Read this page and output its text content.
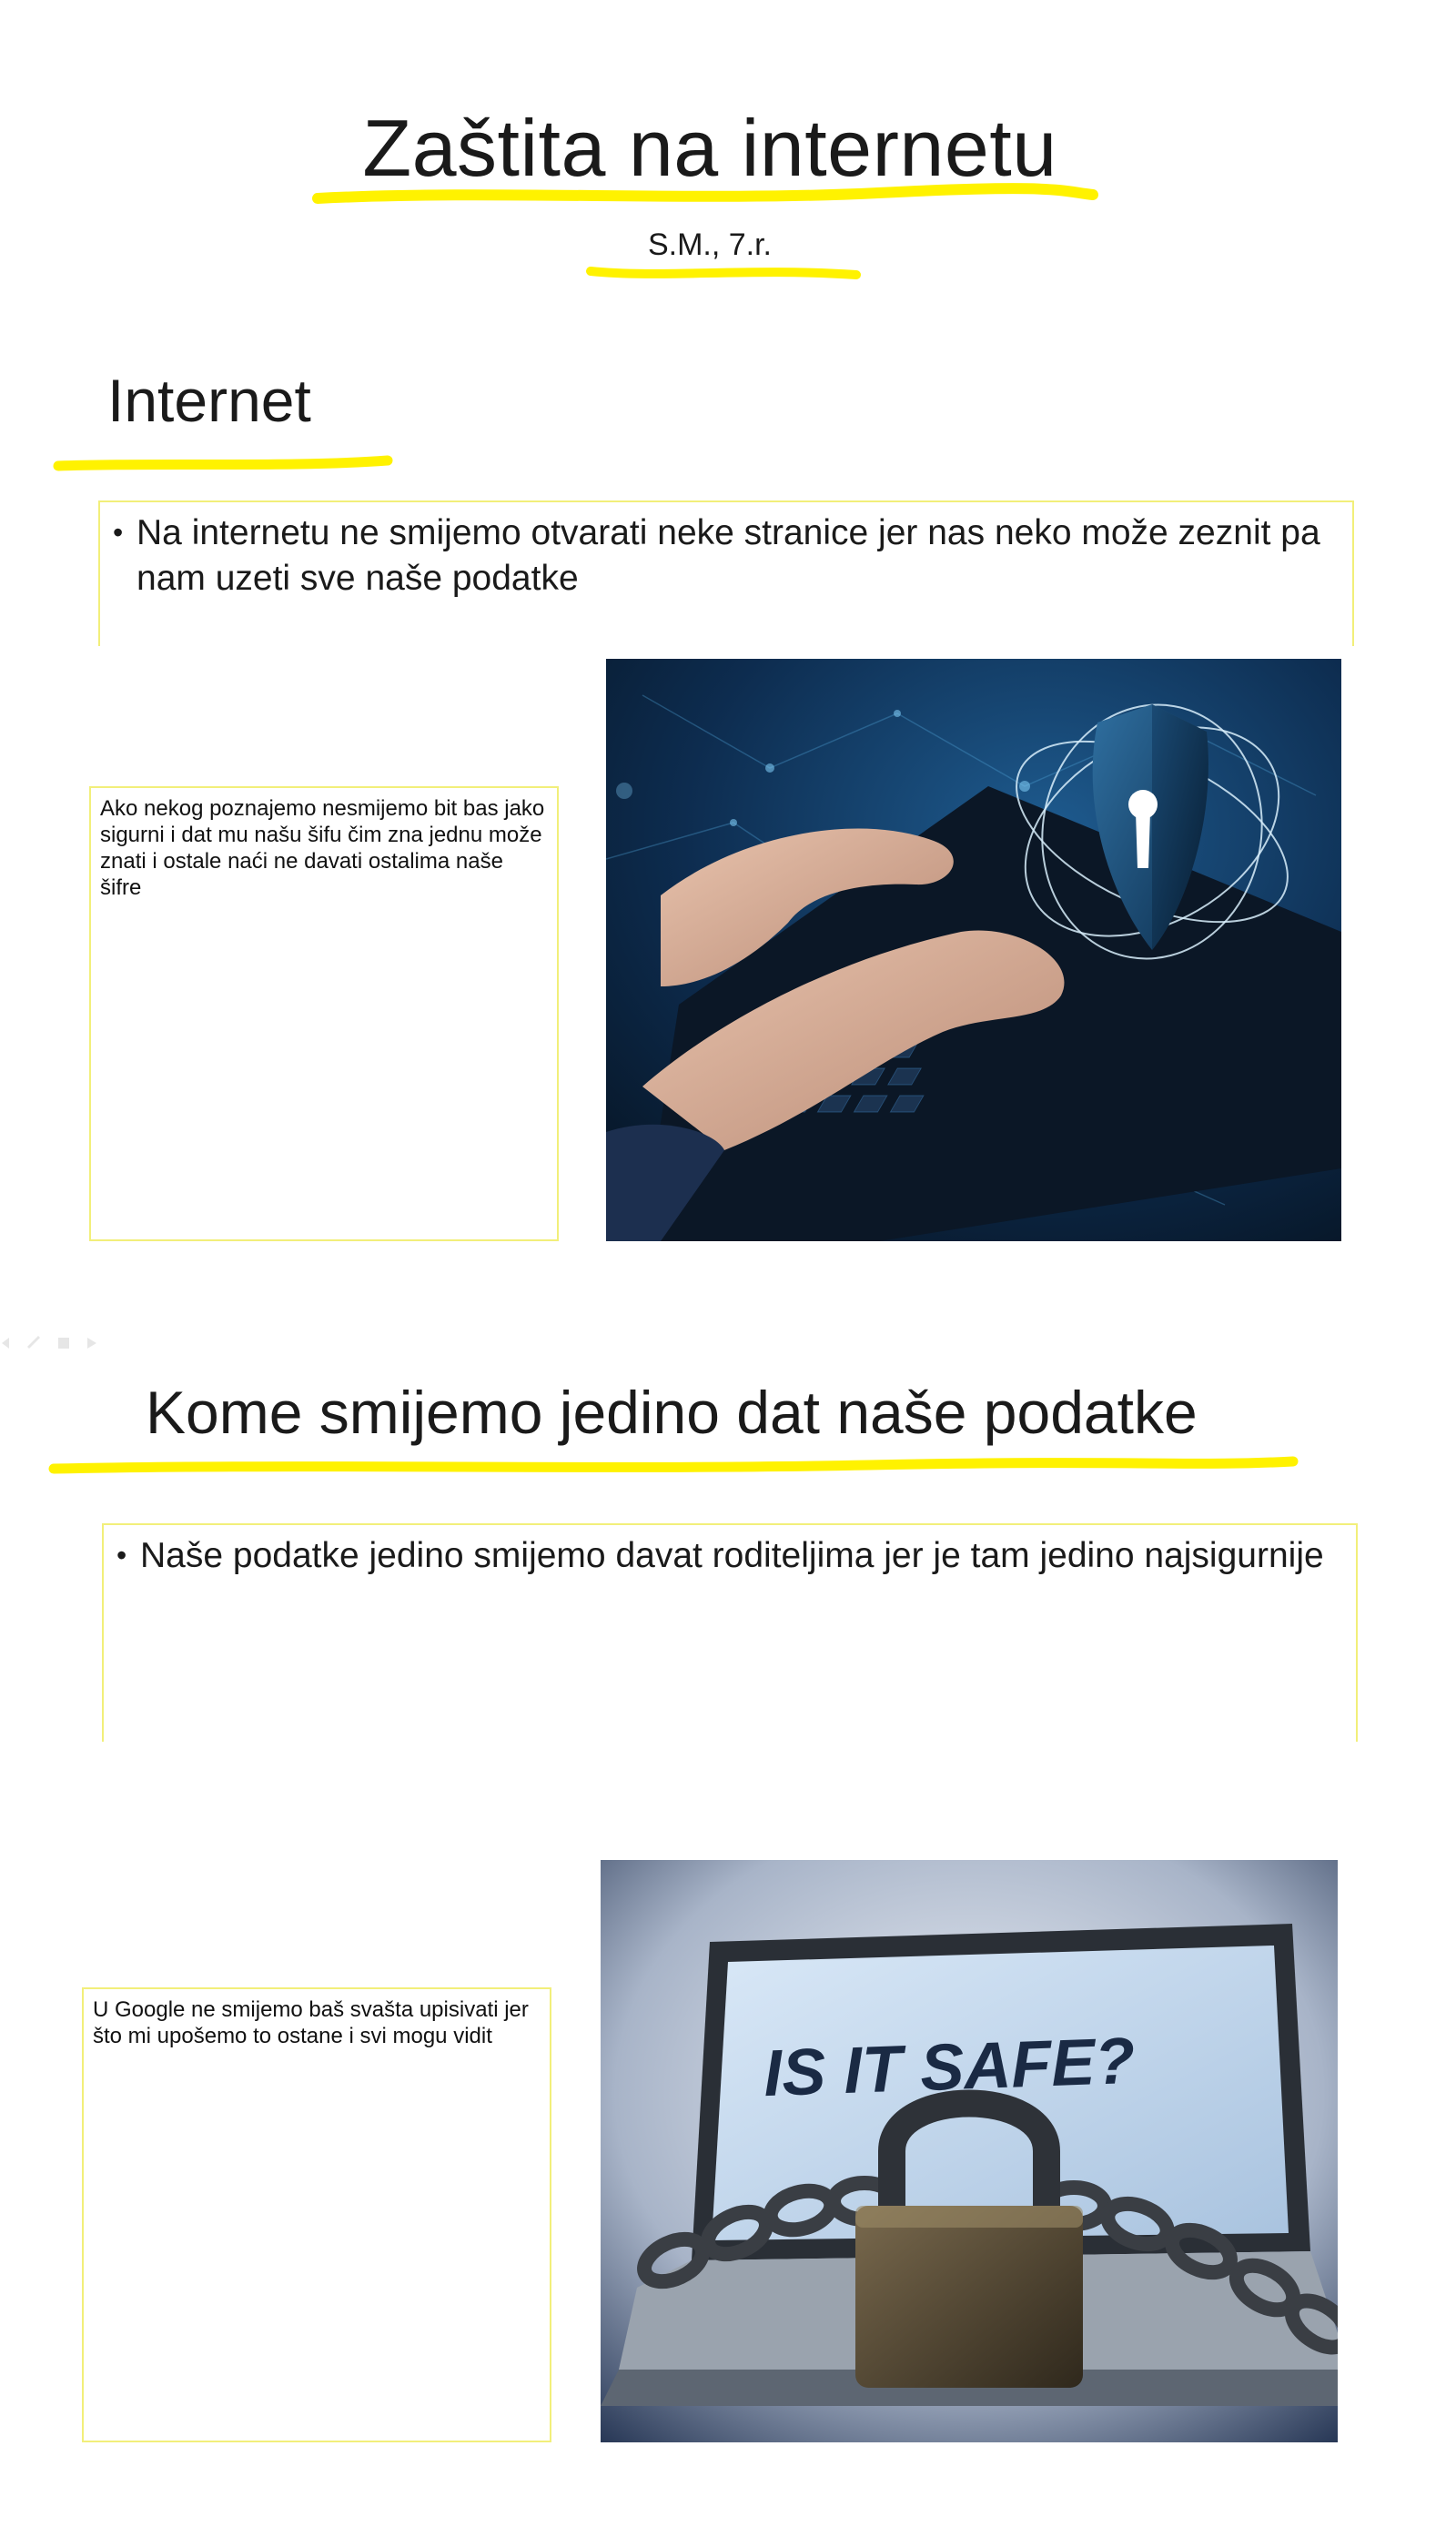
Zaštita na internetu
S.M., 7.r.
Internet
• Na internetu ne smijemo otvarati neke stranice jer nas neko može zeznit pa nam uzeti sve naše podatke
Ako nekog poznajemo nesmijemo bit bas jako sigurni i dat mu našu šifu čim zna jednu može znati i ostale naći ne davati ostalima naše šifre
Kome smijemo jedino dat naše podatke
• Naše podatke jedino smijemo davat roditeljima jer je tam jedino najsigurnije
U Google ne smijemo baš svašta upisivati jer što mi upošemo to ostane i svi mogu vidit	IS IT SAFE?
